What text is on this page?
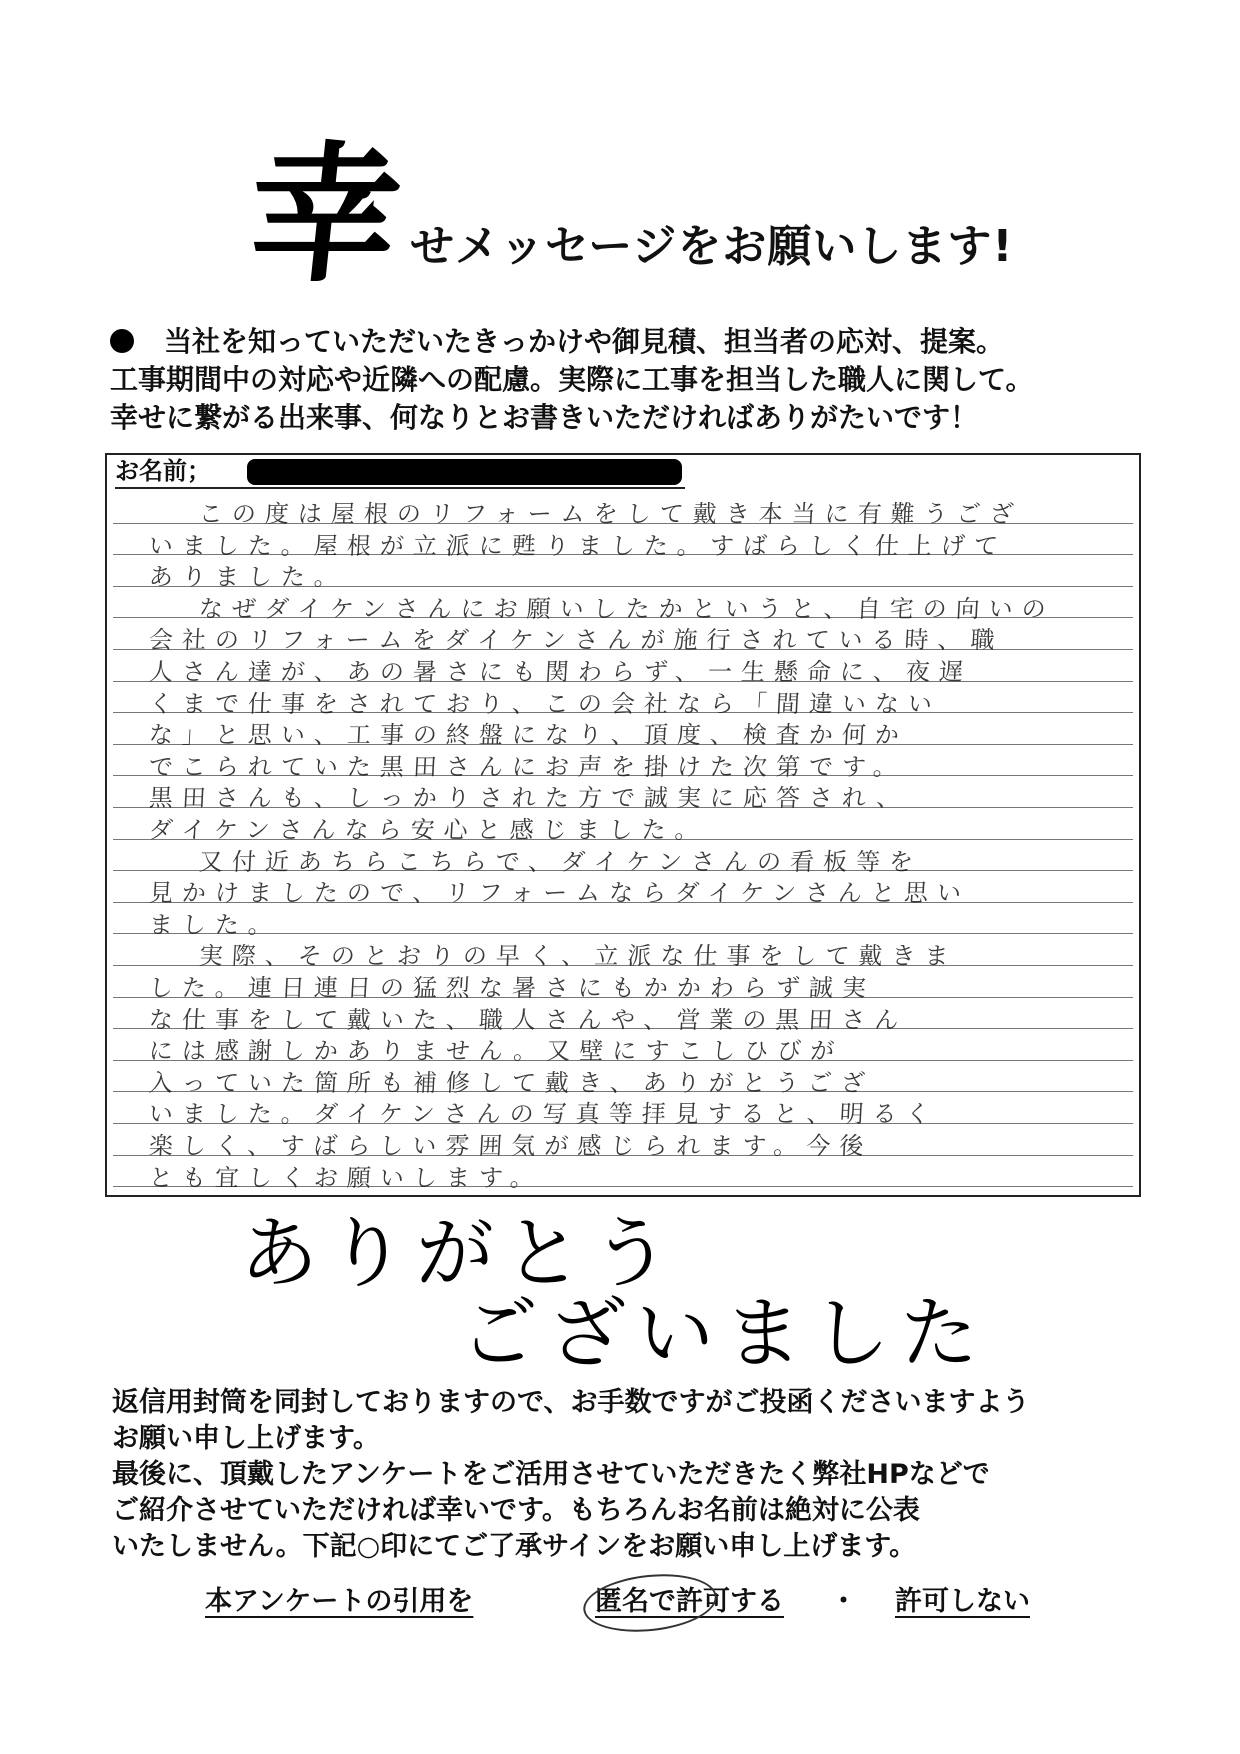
幸 せメッセージをお願いします!
当社を知っていただいたきっかけや御見積、担当者の応対、提案。
工事期間中の対応や近隣への配慮。実際に工事を担当した職人に関して。
幸せに繋がる出来事、何なりとお書きいただければありがたいです！
お名前；
この度は屋根のリフォームをして戴き本当に有難うござ
いました。屋根が立派に甦りました。すばらしく仕上げて
ありました。
なぜダイケンさんにお願いしたかというと、自宅の向いの
会社のリフォームをダイケンさんが施行されている時、職
人さん達が、あの暑さにも関わらず、一生懸命に、夜遅
くまで仕事をされており、この会社なら「間違いない
な」と思い、工事の終盤になり、頂度、検査か何か
でこられていた黒田さんにお声を掛けた次第です。
黒田さんも、しっかりされた方で誠実に応答され、
ダイケンさんなら安心と感じました。
又付近あちらこちらで、ダイケンさんの看板等を
見かけましたので、リフォームならダイケンさんと思い
ました。
実際、そのとおりの早く、立派な仕事をして戴きま
した。連日連日の猛烈な暑さにもかかわらず誠実
な仕事をして戴いた、職人さんや、営業の黒田さん
には感謝しかありません。又壁にすこしひびが
入っていた箇所も補修して戴き、ありがとうござ
いました。ダイケンさんの写真等拝見すると、明るく
楽しく、すばらしい雰囲気が感じられます。今後
とも宜しくお願いします。
ありがとう
ございました
返信用封筒を同封しておりますので、お手数ですがご投函くださいますよう
お願い申し上げます。
最後に、頂戴したアンケートをご活用させていただきたく弊社HPなどで
ご紹介させていただければ幸いです。もちろんお名前は絶対に公表
いたしません。下記○印にてご了承サインをお願い申し上げます。
本アンケートの引用を	匿名で許可する ・ 許可しない
